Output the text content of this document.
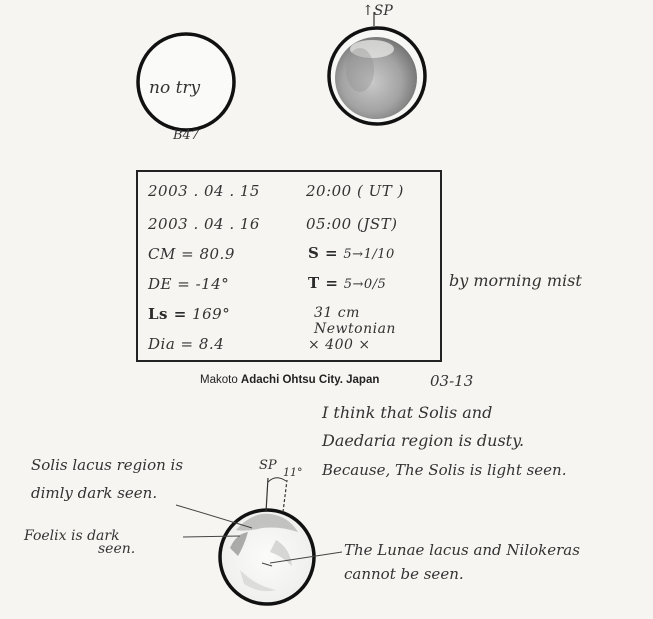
no try
B47
↑SP
2003 . 04 . 15	20:00 ( UT )
2003 . 04 . 16	05:00 (JST)
CM = 80.9	S = 5→1/10
DE = -14°	T = 5→0/5
Ls = 169°	31 cm Newtonian
Dia = 8.4	× 400 ×
by morning mist
Makoto Adachi Ohtsu City. Japan	03-13
I think that Solis and
Daedaria region is dusty.
Because, The Solis is light seen.
Solis lacus region is
dimly dark seen.
Foelix is dark
seen.
SP 11°
The Lunae lacus and Nilokeras
cannot be seen.
